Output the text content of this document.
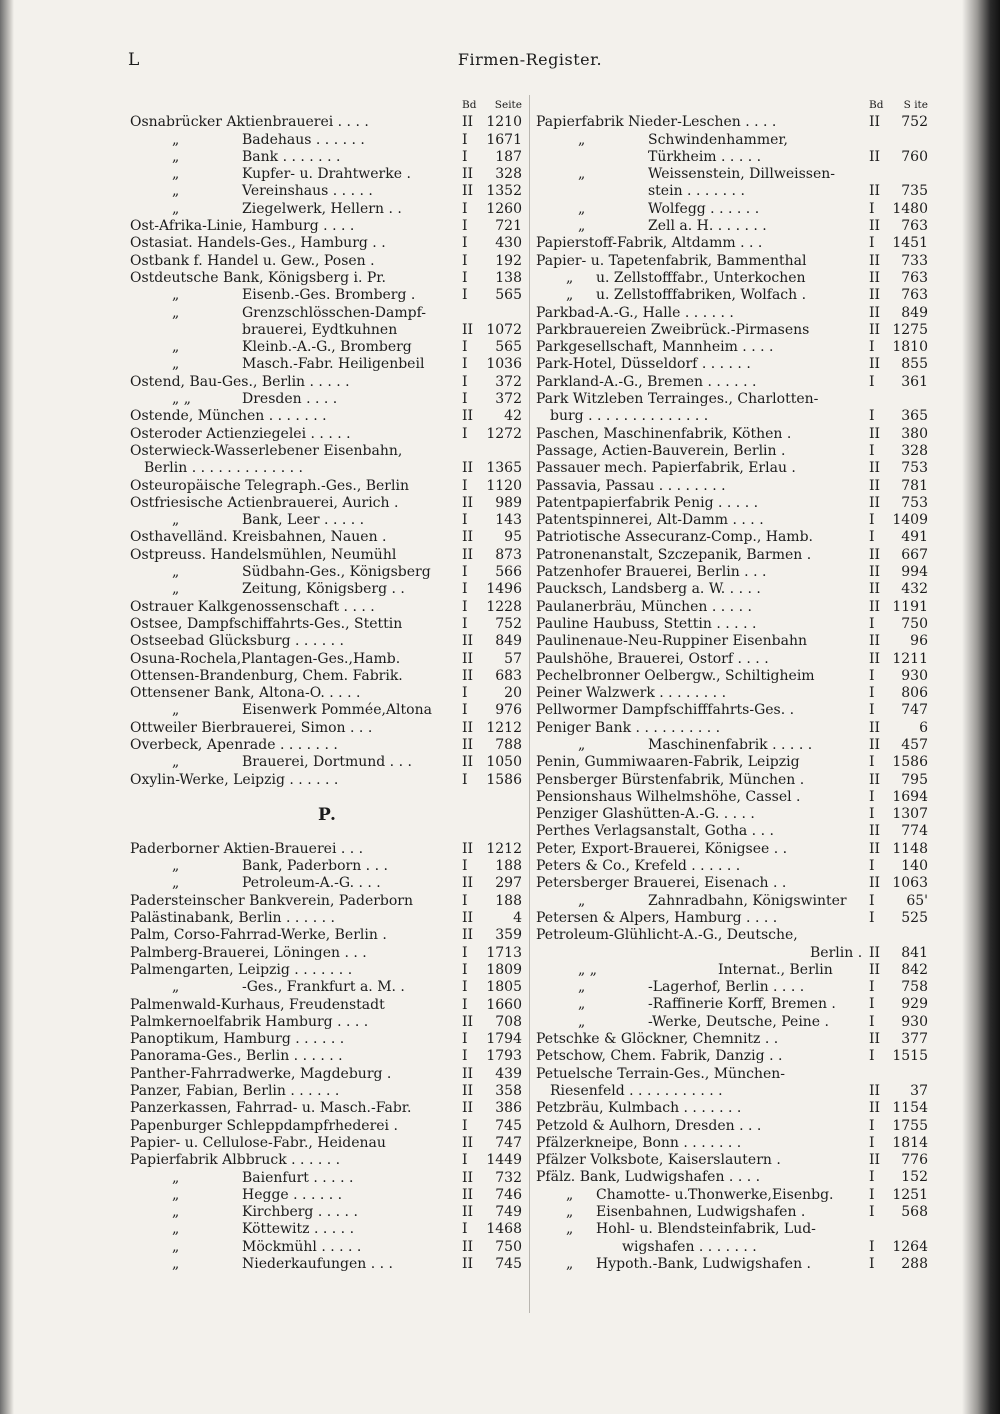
L	Firmen-Register.
Bd	Seite
Osnabrücker Aktienbrauerei . . . .	II 1210
„	Badehaus . . . . . .	I	1671
„	Bank . . . . . . .	I	187
„	Kupfer- u. Drahtwerke .	II	328
„	Vereinshaus . . . . .	II 1352
„	Ziegelwerk, Hellern . .	I	1260
Ost-Afrika-Linie, Hamburg . . . .	I	721
Ostasiat. Handels-Ges., Hamburg . .	I	430
Ostbank f. Handel u. Gew., Posen .	I	192
Ostdeutsche Bank, Königsberg i. Pr.	I	138
„	Eisenb.-Ges. Bromberg .	I	565
„	Grenzschlösschen-Dampf-
brauerei, Eydtkuhnen	II 1072
„	Kleinb.-A.-G., Bromberg	I	565
„	Masch.-Fabr. Heiligenbeil	I	1036
Ostend, Bau-Ges., Berlin . . . . .	I	372
„ „	Dresden . . . .	I	372
Ostende, München . . . . . . .	II	42
Osteroder Actienziegelei . . . . .	I	1272
Osterwieck-Wasserlebener Eisenbahn,
Berlin . . . . . . . . . . . . .	II 1365
Osteuropäische Telegraph.-Ges., Berlin	I	1120
Ostfriesische Actienbrauerei, Aurich .	II	989
„	Bank, Leer . . . . .	I	143
Osthavelländ. Kreisbahnen, Nauen .	II	95
Ostpreuss. Handelsmühlen, Neumühl	II	873
„	Südbahn-Ges., Königsberg	I	566
„	Zeitung, Königsberg . .	I	1496
Ostrauer Kalkgenossenschaft . . . .	I	1228
Ostsee, Dampfschiffahrts-Ges., Stettin	I	752
Ostseebad Glücksburg . . . . . .	II	849
Osuna-Rochela,Plantagen-Ges.,Hamb.	II	57
Ottensen-Brandenburg, Chem. Fabrik.	II	683
Ottensener Bank, Altona-O. . . . .	I	20
„	Eisenwerk Pommée,Altona	I	976
Ottweiler Bierbrauerei, Simon . . .	II 1212
Overbeck, Apenrade . . . . . . .	II	788
„	Brauerei, Dortmund . . .	II 1050
Oxylin-Werke, Leipzig . . . . . .	I	1586
P.
Paderborner Aktien-Brauerei . . .	II 1212
„	Bank, Paderborn . . .	I	188
„	Petroleum-A.-G. . . .	II	297
Padersteinscher Bankverein, Paderborn	I	188
Palästinabank, Berlin . . . . . .	II	4
Palm, Corso-Fahrrad-Werke, Berlin .	II	359
Palmberg-Brauerei, Löningen . . .	I	1713
Palmengarten, Leipzig . . . . . . .	I	1809
„	-Ges., Frankfurt a. M. .	I	1805
Palmenwald-Kurhaus, Freudenstadt	I	1660
Palmkernoelfabrik Hamburg . . . .	II	708
Panoptikum, Hamburg . . . . . .	I	1794
Panorama-Ges., Berlin . . . . . .	I	1793
Panther-Fahrradwerke, Magdeburg .	II	439
Panzer, Fabian, Berlin . . . . . .	II	358
Panzerkassen, Fahrrad- u. Masch.-Fabr.	II	386
Papenburger Schleppdampfrhederei .	I	745
Papier- u. Cellulose-Fabr., Heidenau	II	747
Papierfabrik Albbruck . . . . . .	I	1449
„	Baienfurt . . . . .	II	732
„	Hegge . . . . . .	II	746
„	Kirchberg . . . . .	II	749
„	Köttewitz . . . . .	I	1468
„	Möckmühl . . . . .	II	750
„	Niederkaufungen . . .	II	745
Bd	S ite
Papierfabrik Nieder-Leschen . . . .	II	752
„	Schwindenhammer,
Türkheim . . . . .	II	760
„	Weissenstein, Dillweissen-
stein . . . . . . .	II	735
„	Wolfegg . . . . . .	I	1480
„	Zell a. H. . . . . . .	II	763
Papierstoff-Fabrik, Altdamm . . .	I	1451
Papier- u. Tapetenfabrik, Bammenthal	II	733
„ u. Zellstofffabr., Unterkochen	II	763
„ u. Zellstofffabriken, Wolfach .	II	763
Parkbad-A.-G., Halle . . . . . .	II	849
Parkbrauereien Zweibrück.-Pirmasens	II 1275
Parkgesellschaft, Mannheim . . . .	I	1810
Park-Hotel, Düsseldorf . . . . . .	II	855
Parkland-A.-G., Bremen . . . . . .	I	361
Park Witzleben Terrainges., Charlotten-
burg . . . . . . . . . . . . . .	I	365
Paschen, Maschinenfabrik, Köthen .	II	380
Passage, Actien-Bauverein, Berlin .	I	328
Passauer mech. Papierfabrik, Erlau .	II	753
Passavia, Passau . . . . . . . .	II	781
Patentpapierfabrik Penig . . . . .	II	753
Patentspinnerei, Alt-Damm . . . .	I	1409
Patriotische Assecuranz-Comp., Hamb.	I	491
Patronenanstalt, Szczepanik, Barmen .	II	667
Patzenhofer Brauerei, Berlin . . .	II	994
Paucksch, Landsberg a. W. . . . .	II	432
Paulanerbräu, München . . . . .	II 1191
Pauline Haubuss, Stettin . . . . .	I	750
Paulinenaue-Neu-Ruppiner Eisenbahn	II	96
Paulshöhe, Brauerei, Ostorf . . . .	II 1211
Pechelbronner Oelbergw., Schiltigheim	I	930
Peiner Walzwerk . . . . . . . .	I	806
Pellwormer Dampfschifffahrts-Ges. .	I	747
Peniger Bank . . . . . . . . . .	II	6
„	Maschinenfabrik . . . . .	II	457
Penin, Gummiwaaren-Fabrik, Leipzig	I	1586
Pensberger Bürstenfabrik, München .	II	795
Pensionshaus Wilhelmshöhe, Cassel .	I	1694
Penziger Glashütten-A.-G. . . . .	I	1307
Perthes Verlagsanstalt, Gotha . . .	II	774
Peter, Export-Brauerei, Königsee . .	II 1148
Peters & Co., Krefeld . . . . . .	I	140
Petersberger Brauerei, Eisenach . .	II 1063
„	Zahnradbahn, Königswinter	I	65'
Petersen & Alpers, Hamburg . . . .	I	525
Petroleum-Glühlicht-A.-G., Deutsche,
Berlin . II	841
„ „	Internat., Berlin	II	842
„	-Lagerhof, Berlin . . . .	I	758
„	-Raffinerie Korff, Bremen .	I	929
„	-Werke, Deutsche, Peine .	I	930
Petschke & Glöckner, Chemnitz . .	II	377
Petschow, Chem. Fabrik, Danzig . .	I	1515
Petuelsche Terrain-Ges., München-
Riesenfeld . . . . . . . . . . .	II	37
Petzbräu, Kulmbach . . . . . . .	II 1154
Petzold & Aulhorn, Dresden . . .	I	1755
Pfälzerkneipe, Bonn . . . . . . .	I	1814
Pfälzer Volksbote, Kaiserslautern .	II	776
Pfälz. Bank, Ludwigshafen . . . .	I	152
„ Chamotte- u.Thonwerke,Eisenbg.	I	1251
„ Eisenbahnen, Ludwigshafen .	I	568
„ Hohl- u. Blendsteinfabrik, Lud-
wigshafen . . . . . . .	I	1264
„ Hypoth.-Bank, Ludwigshafen .	I	288
